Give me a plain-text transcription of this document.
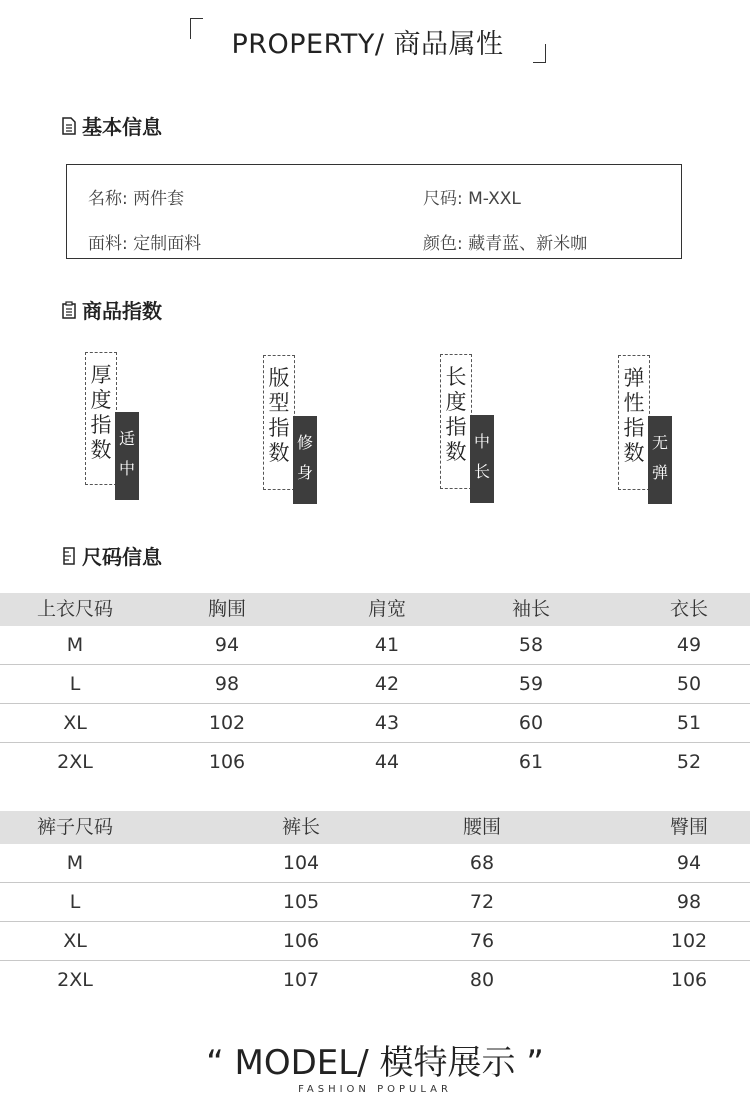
PROPERTY/ 商品属性
基本信息
名称: 两件套	尺码: M-XXL
面料: 定制面料	颜色: 藏青蓝、新米咖
商品指数
厚度指数 适中
版型指数 修身
长度指数 中长
弹性指数 无弹
尺码信息
上衣尺码	胸围	肩宽	袖长	衣长
M	94	41	58	49
L	98	42	59	50
XL	102	43	60	51
2XL	106	44	61	52
裤子尺码	裤长	腰围	臀围
M	104	68	94
L	105	72	98
XL	106	76	102
2XL	107	80	106
“ MODEL/ 模特展示 ”
FASHION POPULAR
